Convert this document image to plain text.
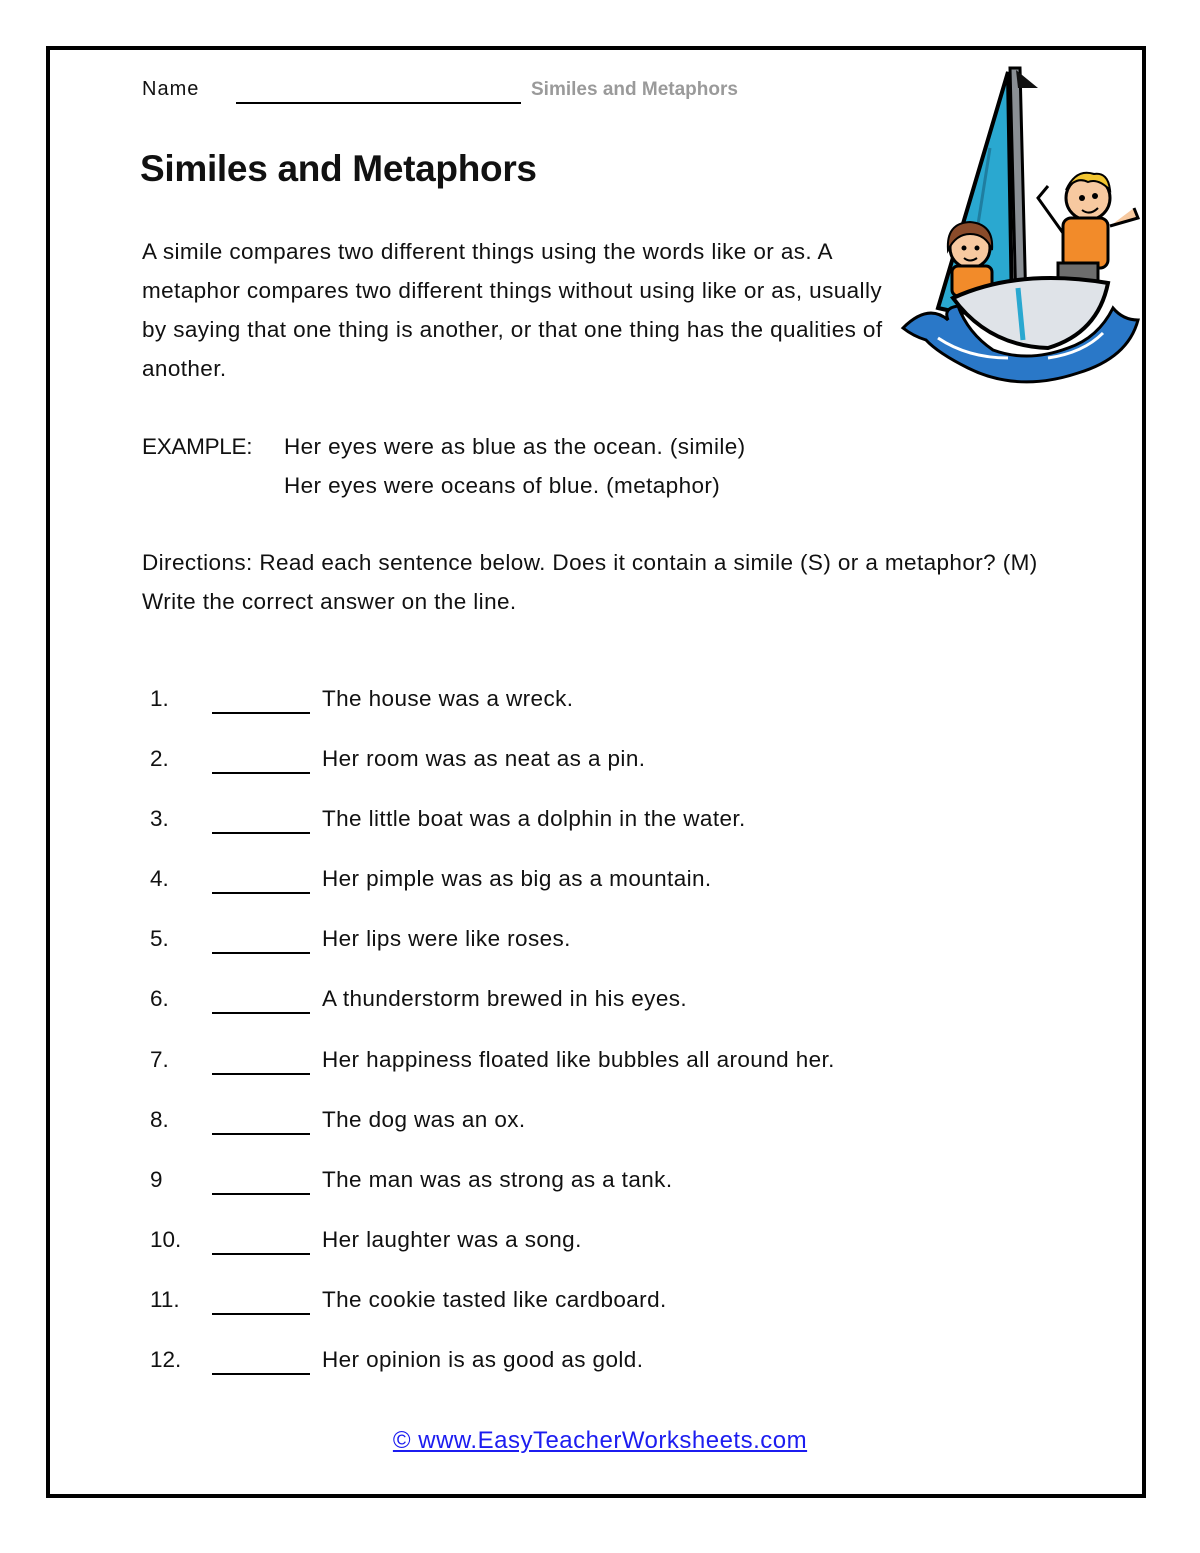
Name	Similes and Metaphors
Similes and Metaphors
A simile compares two different things using the words like or as. A metaphor compares two different things without using like or as, usually by saying that one thing is another, or that one thing has the qualities of another.
EXAMPLE: Her eyes were as blue as the ocean. (simile)
Her eyes were oceans of blue. (metaphor)
Directions: Read each sentence below. Does it contain a simile (S) or a metaphor? (M) Write the correct answer on the line.
1.	The house was a wreck.
2.	Her room was as neat as a pin.
3.	The little boat was a dolphin in the water.
4.	Her pimple was as big as a mountain.
5.	Her lips were like roses.
6.	A thunderstorm brewed in his eyes.
7.	Her happiness floated like bubbles all around her.
8.	The dog was an ox.
9	The man was as strong as a tank.
10.	Her laughter was a song.
11.	The cookie tasted like cardboard.
12.	Her opinion is as good as gold.
© www.EasyTeacherWorksheets.com
